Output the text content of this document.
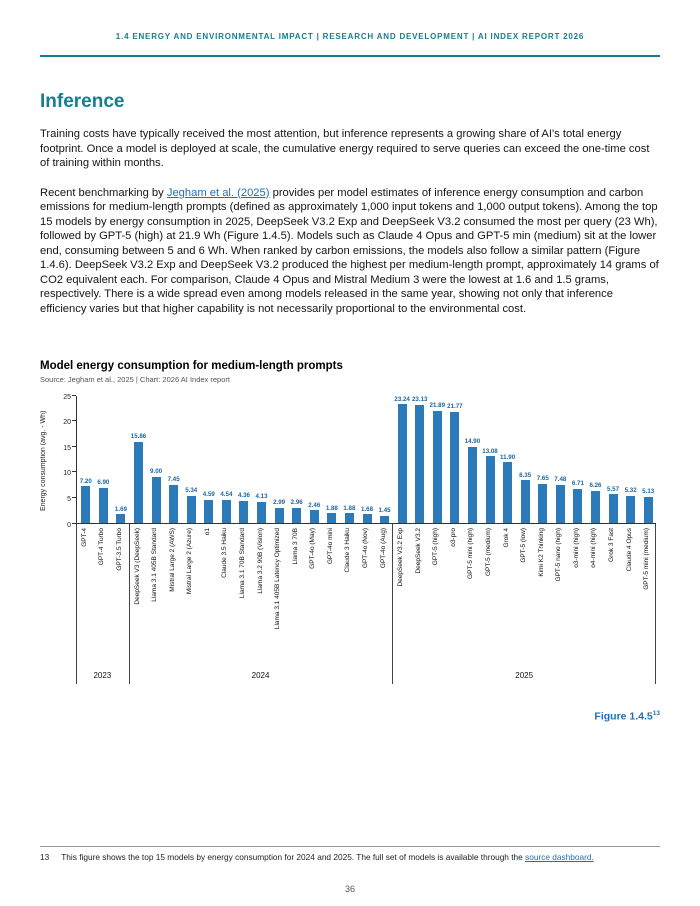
1.4 ENERGY AND ENVIRONMENTAL IMPACT | RESEARCH AND DEVELOPMENT | AI INDEX REPORT 2026
Inference

Training costs have typically received the most attention, but inference represents a growing share of AI's total energy footprint. Once a model is deployed at scale, the cumulative energy required to serve queries can exceed the one-time cost of training within months.

Recent benchmarking by Jegham et al. (2025) provides per model estimates of inference energy consumption and carbon emissions for medium-length prompts (defined as approximately 1,000 input tokens and 1,000 output tokens). Among the top 15 models by energy consumption in 2025, DeepSeek V3.2 Exp and DeepSeek V3.2 consumed the most per query (23 Wh), followed by GPT-5 (high) at 21.9 Wh (Figure 1.4.5). Models such as Claude 4 Opus and GPT-5 min (medium) sit at the lower end, consuming between 5 and 6 Wh. When ranked by carbon emissions, the models also follow a similar pattern (Figure 1.4.6). DeepSeek V3.2 Exp and DeepSeek V3.2 produced the highest per medium-length prompt, approximately 14 grams of CO2 equivalent each. For comparison, Claude 4 Opus and Mistral Medium 3 were the lowest at 1.6 and 1.5 grams, respectively. There is a wide spread even among models released in the same year, showing not only that inference efficiency varies but that higher capability is not necessarily proportional to the environmental cost.

Model energy consumption for medium-length prompts
Source: Jegham et al., 2025 | Chart: 2026 AI Index report
Energy consumption (avg. - Wh)
0
5
10
15
20
25
7.20 6.90
1.69
15.86
9.00
7.45
5.34
4.59 4.54 4.36 4.13
2.99 2.96 2.46 1.88 1.88 1.68 1.45
23.24 23.13
21.89 21.77
14.90
13.08
11.90
8.35
7.65 7.48
6.71 6.26
5.57 5.32 5.13
GPT-4 GPT-4 Turbo GPT-3.5 Turbo DeepSeek V3 (DeepSeek) Llama 3.1 405B Standard Mistral Large 2 (AWS) Mistral Large 2 (Azure) o1 Claude 3.5 Haiku Llama 3.1 70B Standard Llama 3.2 90B (Vision) Llama 3.1 405B Latency Optimized Llama 3 70B GPT-4o (May) GPT-4o mini Claude 3 Haiku GPT-4o (Nov) GPT-4o (Aug) DeepSeek V3.2 Exp DeepSeek V3.2 GPT-5 (high) o3-pro GPT-5 mini (high) GPT-5 (medium) Grok 4 GPT-5 (low) Kimi K2 Thinking GPT-5 nano (high) o3-mini (high) o4-mini (high) Grok 3 Fast Claude 4 Opus GPT-5 mini (medium)
2023	2024	2025
Figure 1.4.5$^{13}$
13 This figure shows the top 15 models by energy consumption for 2024 and 2025. The full set of models is available through the source dashboard.
36
